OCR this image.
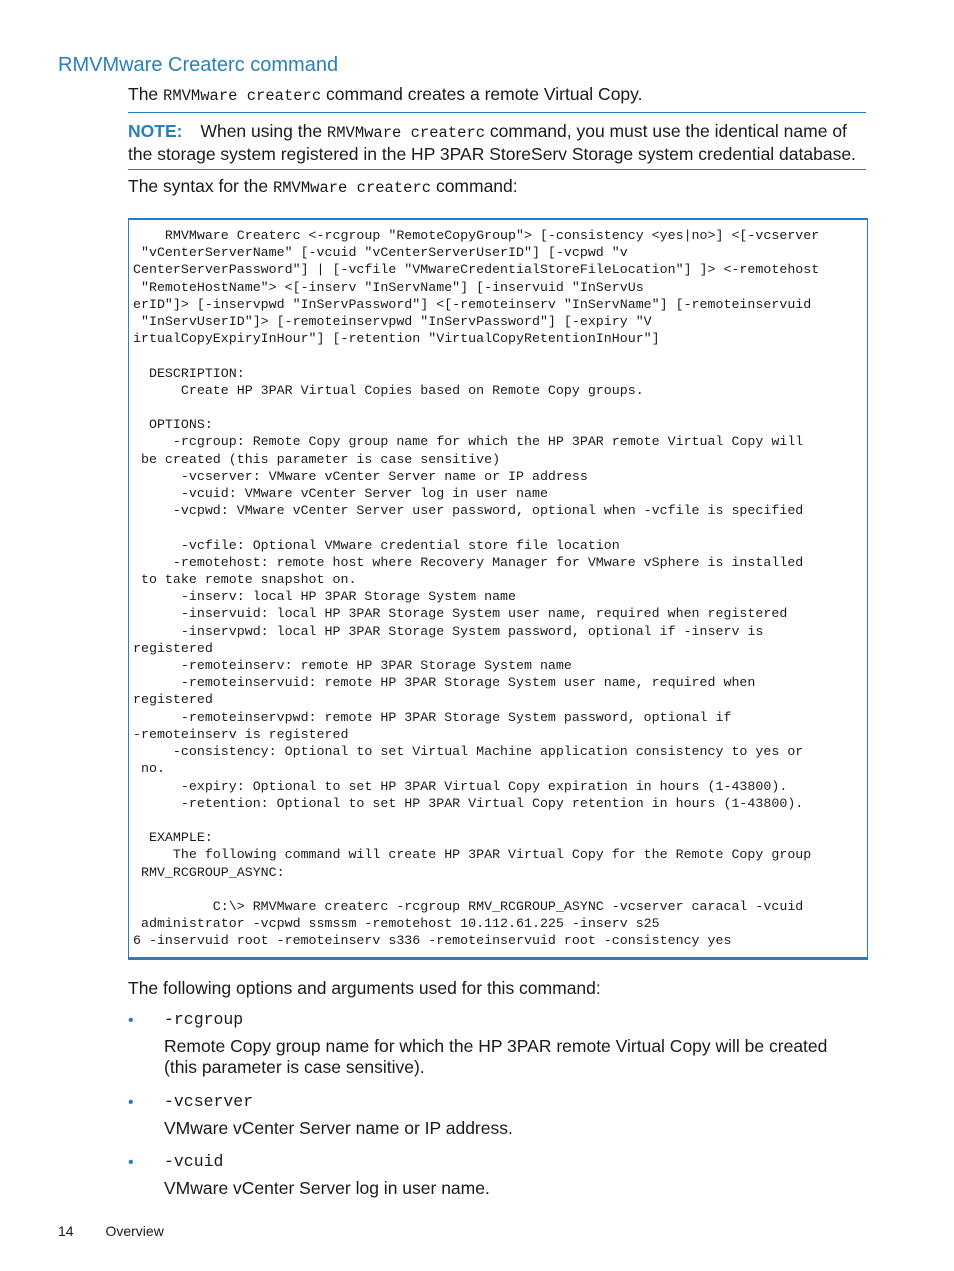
RMVMware Createrc command

The RMVMware createrc command creates a remote Virtual Copy.

NOTE: When using the RMVMware createrc command, you must use the identical name of the storage system registered in the HP 3PAR StoreServ Storage system credential database.

The syntax for the RMVMware createrc command:

RMVMware Createrc <-rcgroup "RemoteCopyGroup"> [-consistency <yes|no>] <[-vcserver
"vCenterServerName" [-vcuid "vCenterServerUserID"] [-vcpwd "v
CenterServerPassword"] | [-vcfile "VMwareCredentialStoreFileLocation"] ]> <-remotehost
"RemoteHostName"> <[-inserv "InServName"] [-inservuid "InServUs
erID"]> [-inservpwd "InServPassword"] <[-remoteinserv "InServName"] [-remoteinservuid
"InServUserID"]> [-remoteinservpwd "InServPassword"] [-expiry "V
irtualCopyExpiryInHour"] [-retention "VirtualCopyRetentionInHour"]

DESCRIPTION:
Create HP 3PAR Virtual Copies based on Remote Copy groups.

OPTIONS:
-rcgroup: Remote Copy group name for which the HP 3PAR remote Virtual Copy will
be created (this parameter is case sensitive)
-vcserver: VMware vCenter Server name or IP address
-vcuid: VMware vCenter Server log in user name
-vcpwd: VMware vCenter Server user password, optional when -vcfile is specified

-vcfile: Optional VMware credential store file location
-remotehost: remote host where Recovery Manager for VMware vSphere is installed
to take remote snapshot on.
-inserv: local HP 3PAR Storage System name
-inservuid: local HP 3PAR Storage System user name, required when registered
-inservpwd: local HP 3PAR Storage System password, optional if -inserv is
registered
-remoteinserv: remote HP 3PAR Storage System name
-remoteinservuid: remote HP 3PAR Storage System user name, required when
registered
-remoteinservpwd: remote HP 3PAR Storage System password, optional if
-remoteinserv is registered
-consistency: Optional to set Virtual Machine application consistency to yes or
no.
-expiry: Optional to set HP 3PAR Virtual Copy expiration in hours (1-43800).
-retention: Optional to set HP 3PAR Virtual Copy retention in hours (1-43800).

EXAMPLE:
The following command will create HP 3PAR Virtual Copy for the Remote Copy group
RMV_RCGROUP_ASYNC:

C:\> RMVMware createrc -rcgroup RMV_RCGROUP_ASYNC -vcserver caracal -vcuid
administrator -vcpwd ssmssm -remotehost 10.112.61.225 -inserv s25
6 -inservuid root -remoteinserv s336 -remoteinservuid root -consistency yes

The following options and arguments used for this command:

• -rcgroup
Remote Copy group name for which the HP 3PAR remote Virtual Copy will be created (this parameter is case sensitive).
• -vcserver
VMware vCenter Server name or IP address.
• -vcuid
VMware vCenter Server log in user name.
14 Overview
